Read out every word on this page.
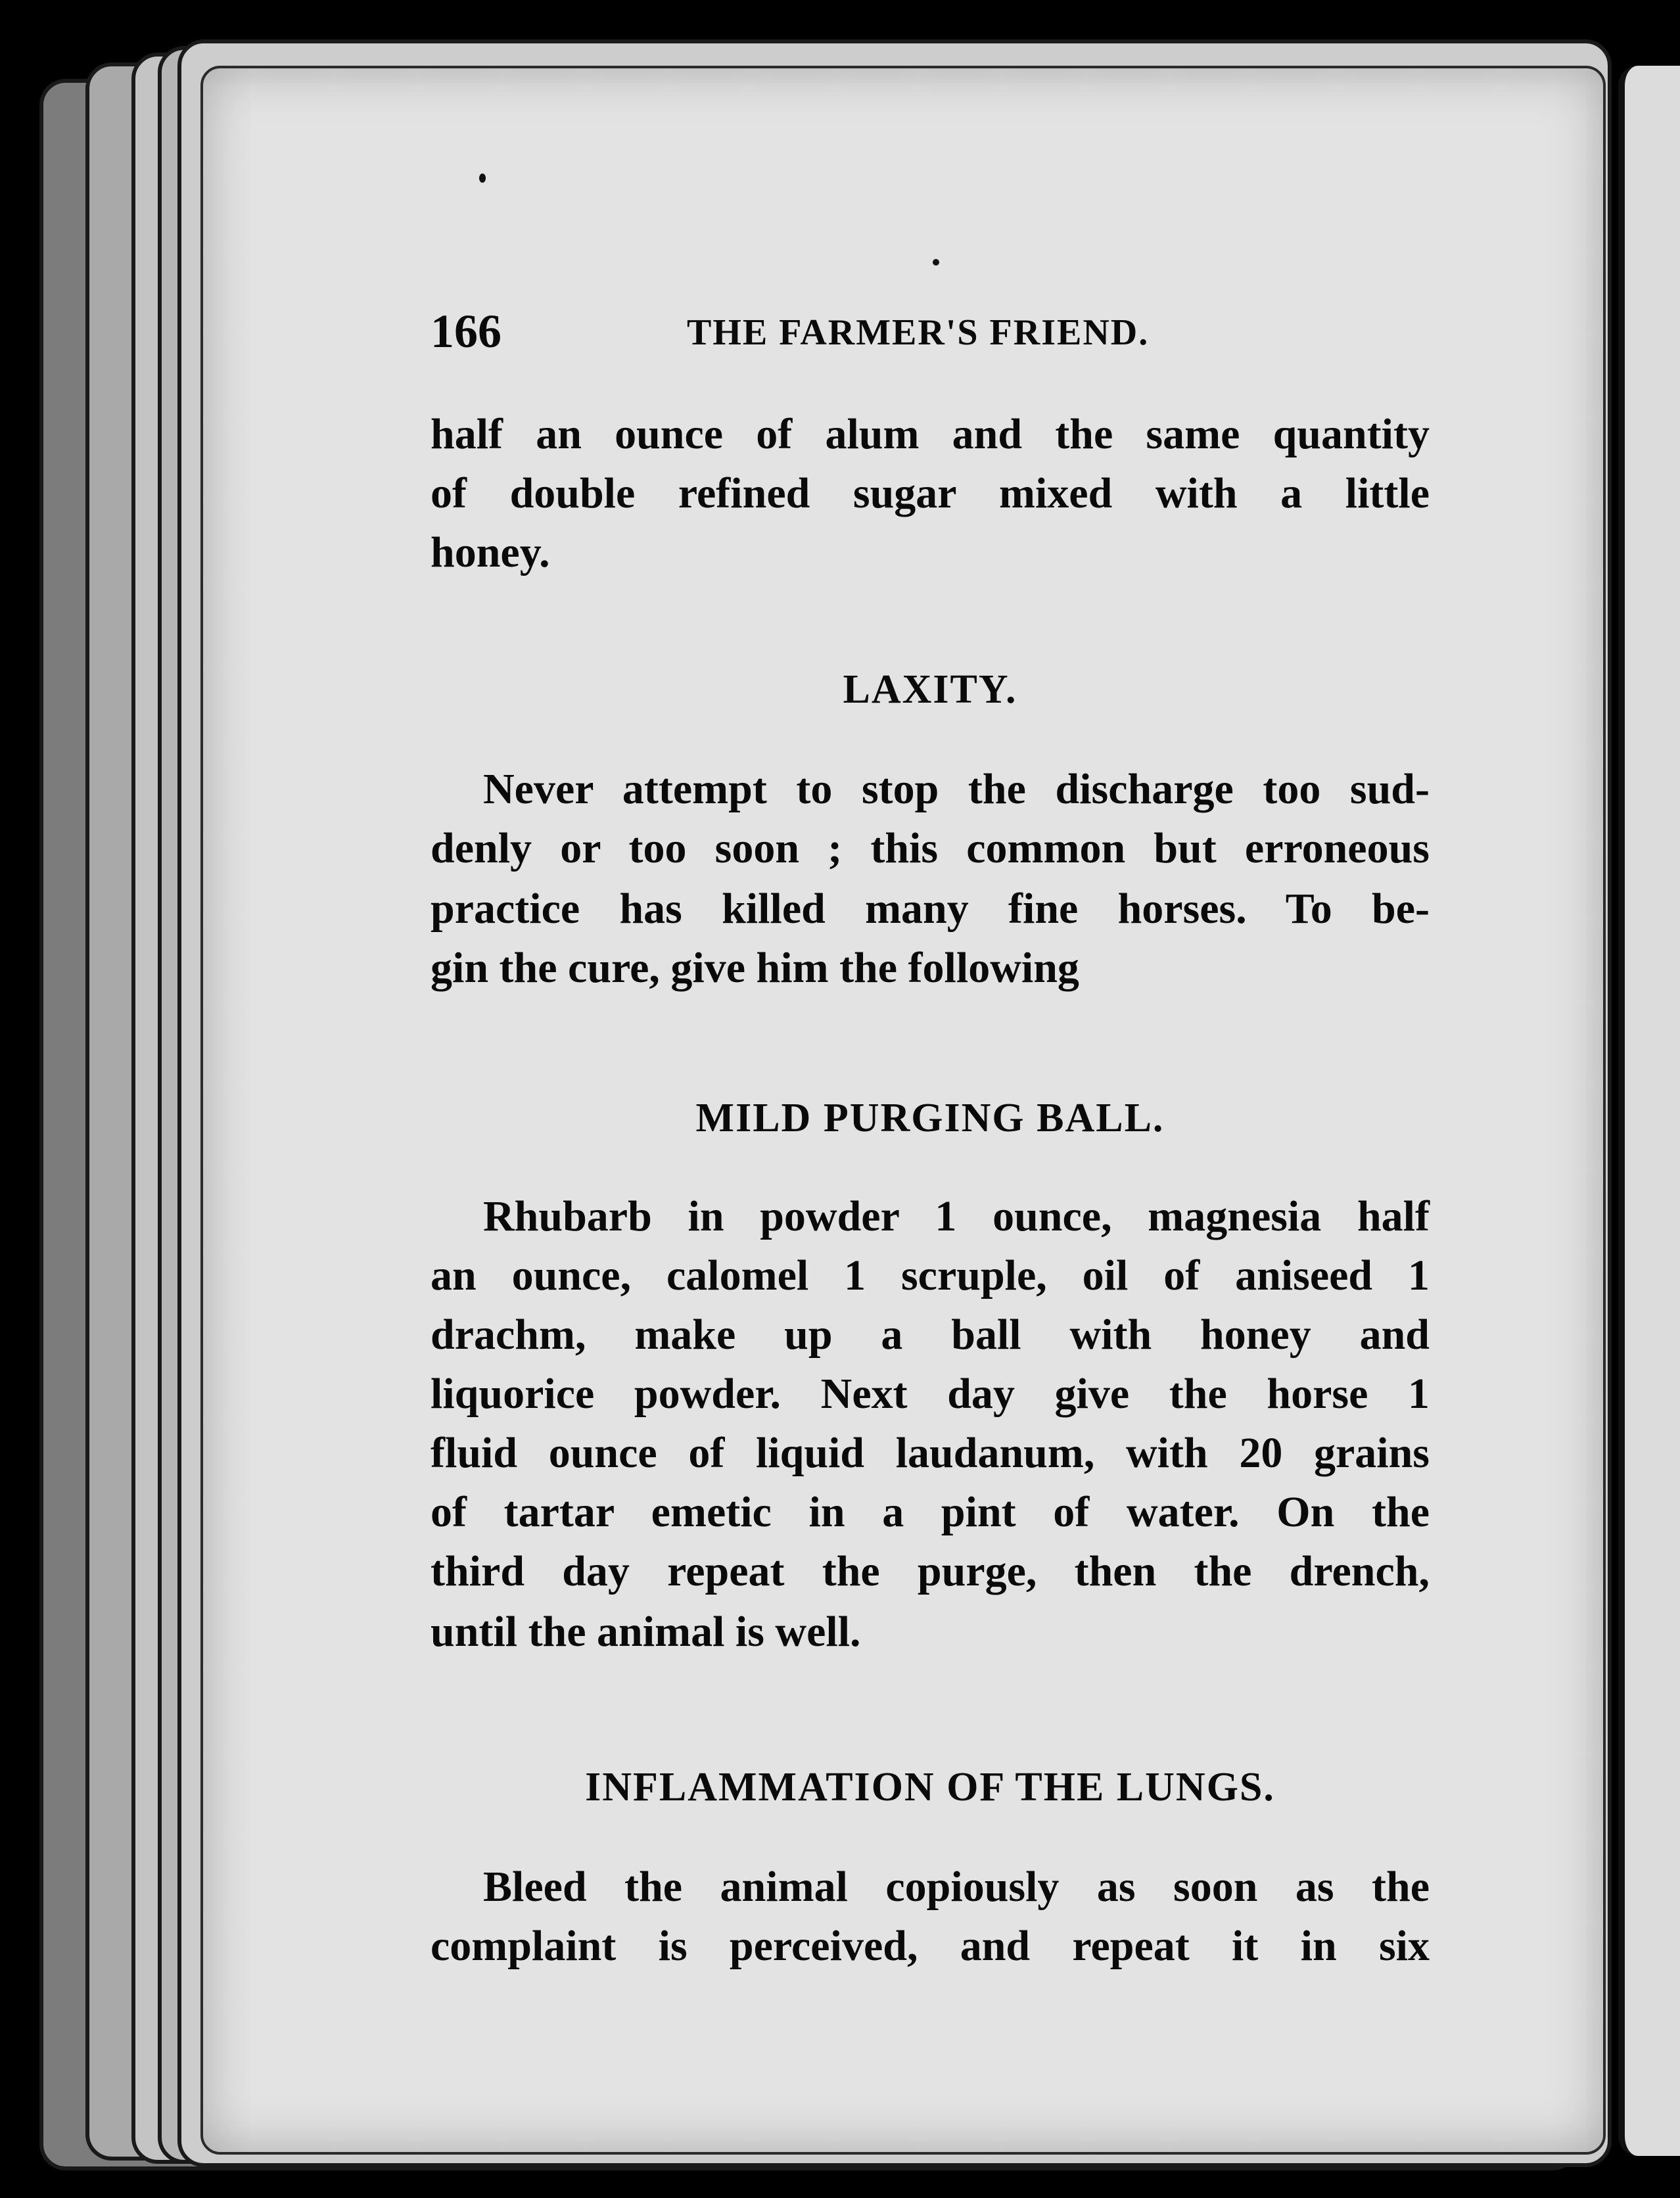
166	THE FARMER'S FRIEND.
half an ounce of alum and the same quantity
of double refined sugar mixed with a little
honey.
LAXITY.
Never attempt to stop the discharge too sud-
denly or too soon ; this common but erroneous
practice has killed many fine horses. To be-
gin the cure, give him the following
MILD PURGING BALL.
Rhubarb in powder 1 ounce, magnesia half
an ounce, calomel 1 scruple, oil of aniseed 1
drachm, make up a ball with honey and
liquorice powder. Next day give the horse 1
fluid ounce of liquid laudanum, with 20 grains
of tartar emetic in a pint of water. On the
third day repeat the purge, then the drench,
until the animal is well.
INFLAMMATION OF THE LUNGS.
Bleed the animal copiously as soon as the
complaint is perceived, and repeat it in six
